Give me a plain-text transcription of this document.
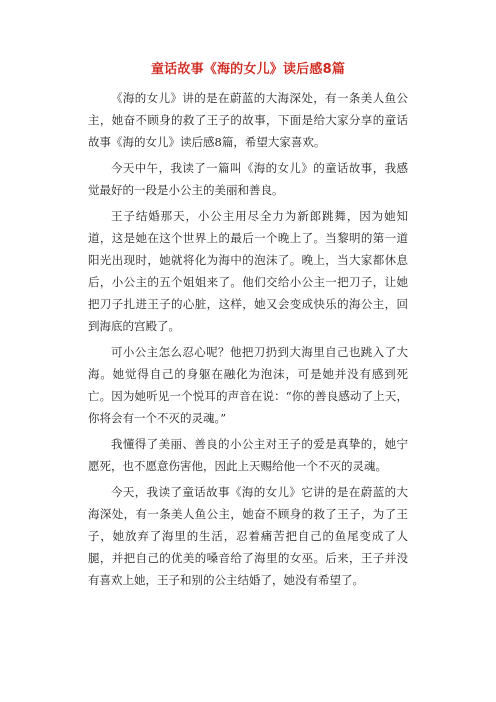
童话故事《海的女儿》读后感8篇

《海的女儿》讲的是在蔚蓝的大海深处，有一条美人鱼公主，她奋不顾身的救了王子的故事，下面是给大家分享的童话故事《海的女儿》读后感8篇，希望大家喜欢。

今天中午，我读了一篇叫《海的女儿》的童话故事，我感觉最好的一段是小公主的美丽和善良。

王子结婚那天，小公主用尽全力为新郎跳舞，因为她知道，这是她在这个世界上的最后一个晚上了。当黎明的第一道阳光出现时，她就将化为海中的泡沫了。晚上，当大家都休息后，小公主的五个姐姐来了。他们交给小公主一把刀子，让她把刀子扎进王子的心脏，这样，她又会变成快乐的海公主，回到海底的宫殿了。

可小公主怎么忍心呢？他把刀扔到大海里自己也跳入了大海。她觉得自己的身躯在融化为泡沫，可是她并没有感到死亡。因为她听见一个悦耳的声音在说：“你的善良感动了上天，你将会有一个不灭的灵魂。”

我懂得了美丽、善良的小公主对王子的爱是真挚的，她宁愿死，也不愿意伤害他，因此上天赐给他一个不灭的灵魂。

今天，我读了童话故事《海的女儿》它讲的是在蔚蓝的大海深处，有一条美人鱼公主，她奋不顾身的救了王子，为了王子，她放弃了海里的生活，忍着痛苦把自己的鱼尾变成了人腿，并把自己的优美的嗓音给了海里的女巫。后来，王子并没有喜欢上她，王子和别的公主结婚了，她没有希望了。
